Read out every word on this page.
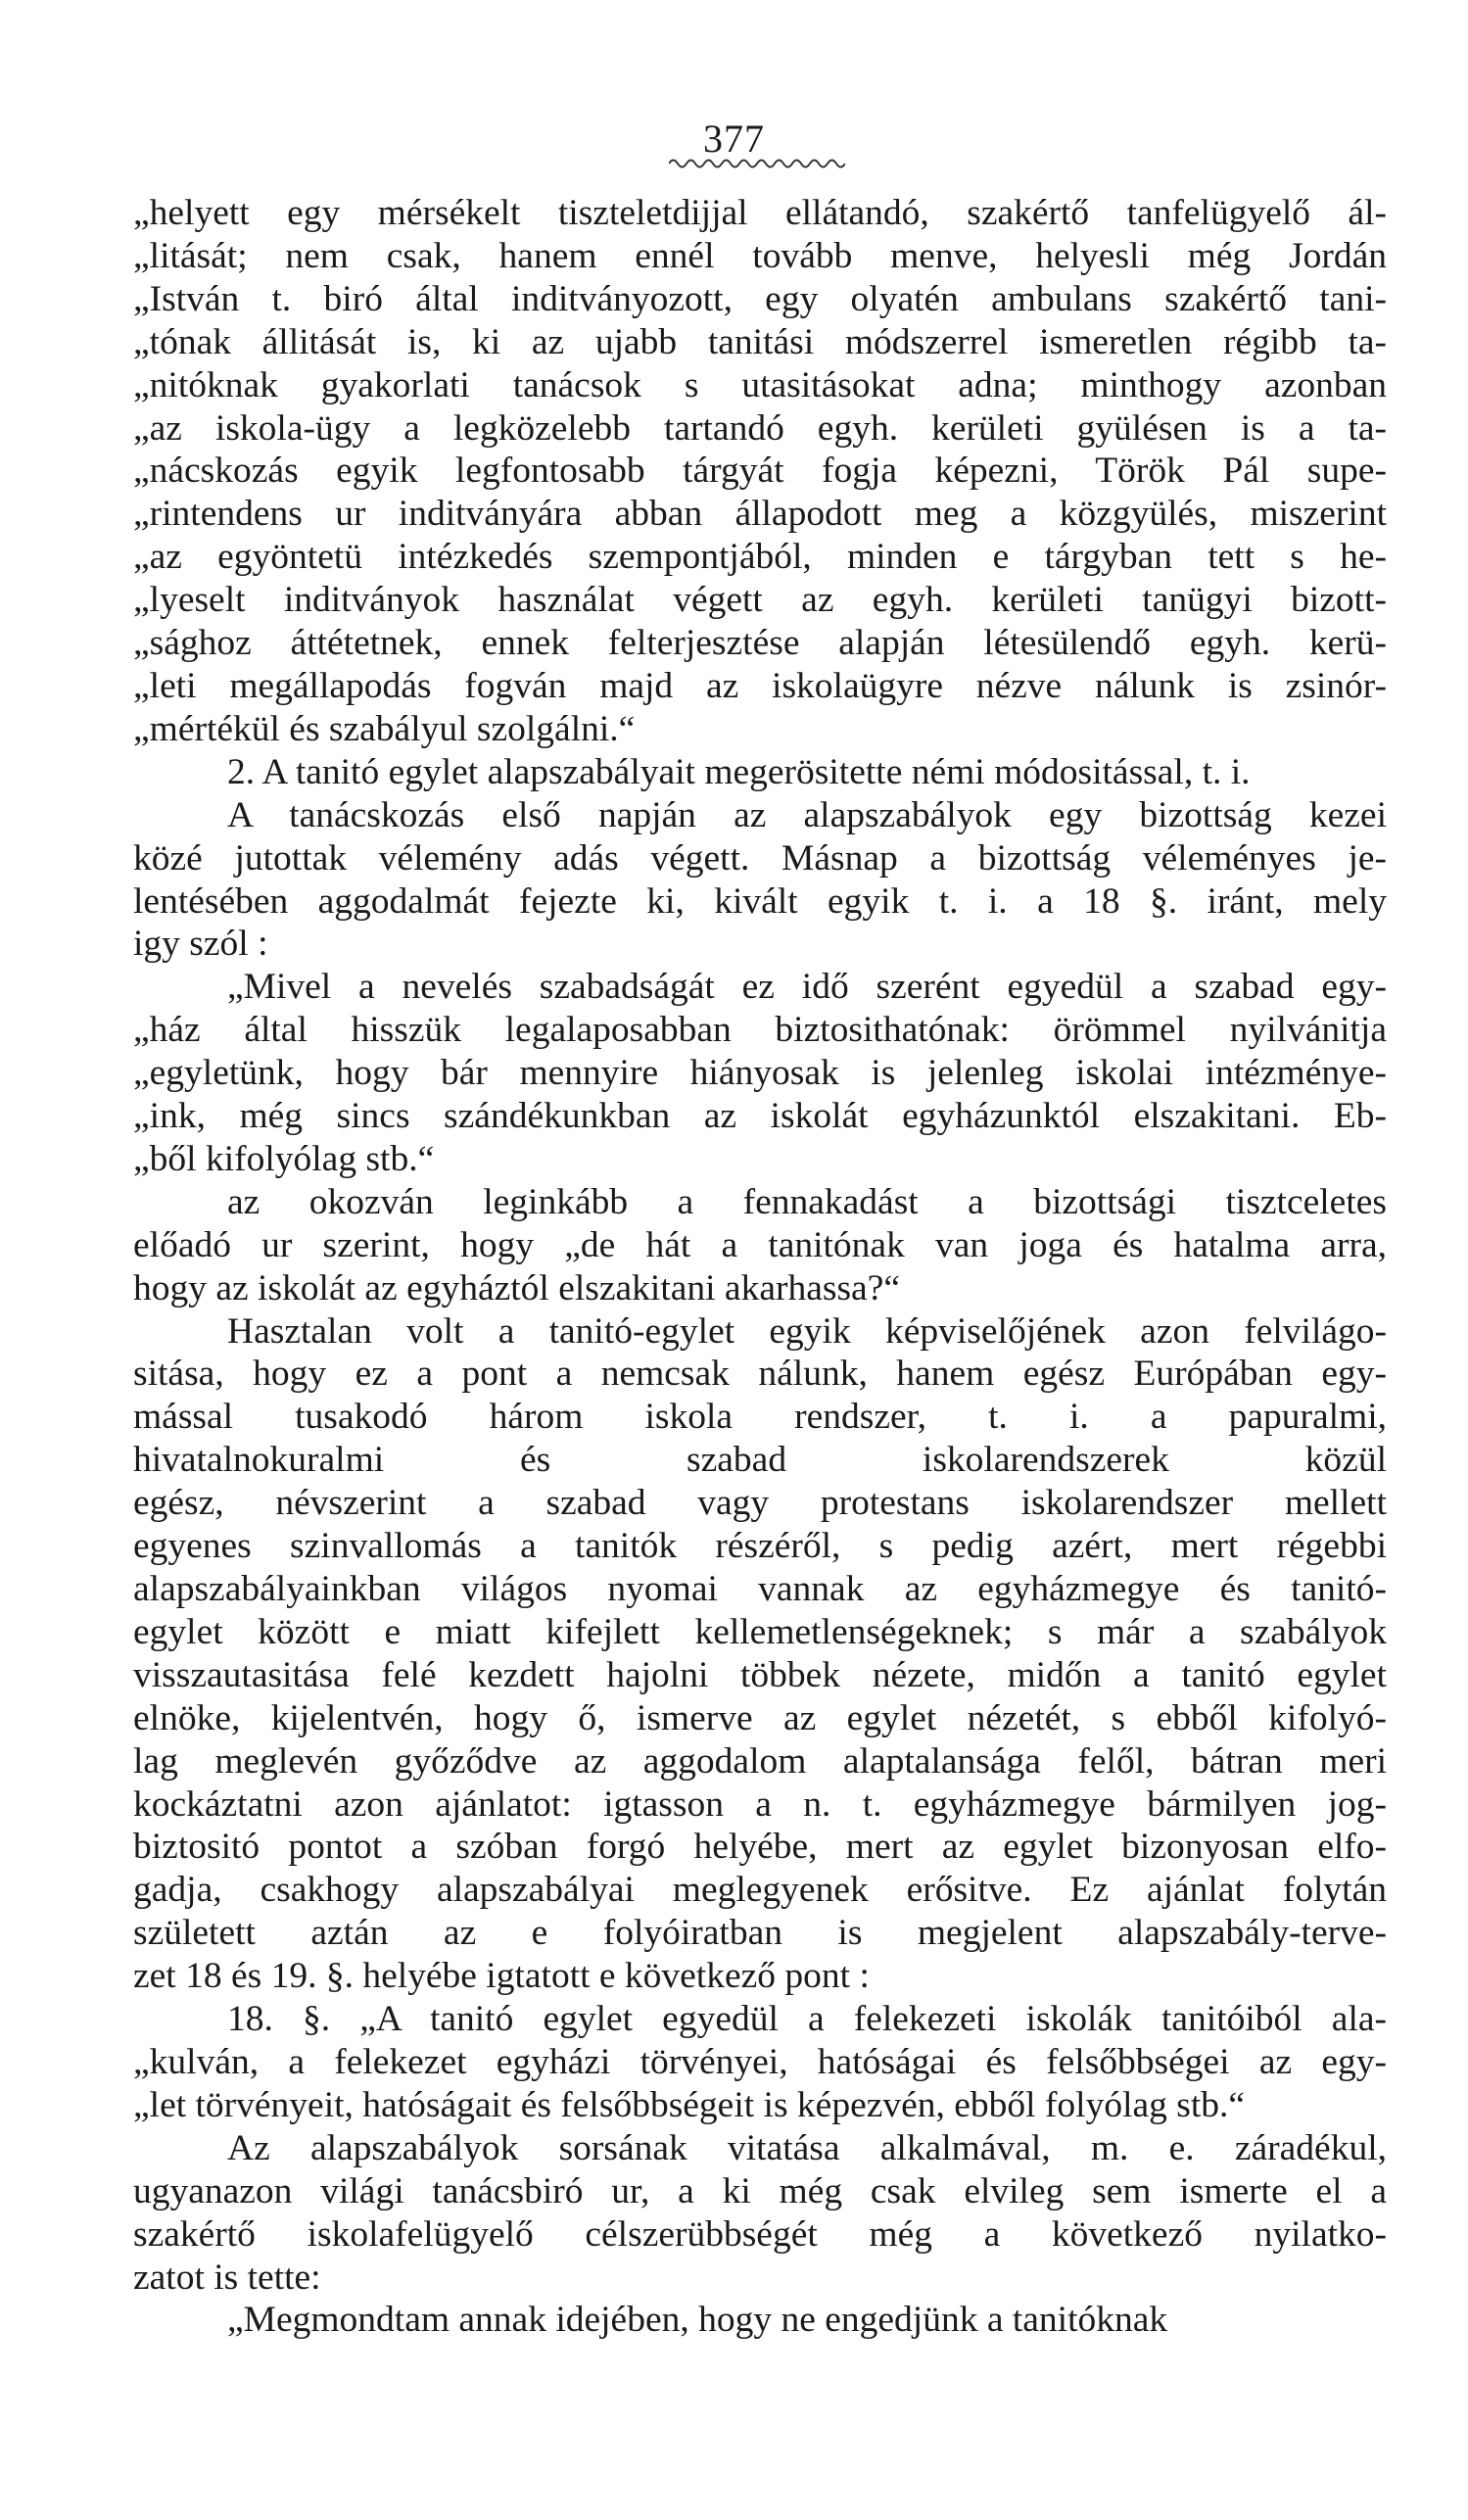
377

„helyett egy mérsékelt tiszteletdijjal ellátandó, szakértő tanfelügyelő ál-
„litását; nem csak, hanem ennél tovább menve, helyesli még Jordán
„István t. biró által inditványozott, egy olyatén ambulans szakértő tani-
„tónak állitását is, ki az ujabb tanitási módszerrel ismeretlen régibb ta-
„nitóknak gyakorlati tanácsok s utasitásokat adna; minthogy azonban
„az iskola-ügy a legközelebb tartandó egyh. kerületi gyülésen is a ta-
„nácskozás egyik legfontosabb tárgyát fogja képezni, Török Pál supe-
„rintendens ur inditványára abban állapodott meg a közgyülés, miszerint
„az egyöntetü intézkedés szempontjából, minden e tárgyban tett s he-
„lyeselt inditványok használat végett az egyh. kerületi tanügyi bizott-
„sághoz áttétetnek, ennek felterjesztése alapján létesülendő egyh. kerü-
„leti megállapodás fogván majd az iskolaügyre nézve nálunk is zsinór-
„mértékül és szabályul szolgálni.“

2. A tanitó egylet alapszabályait megerösitette némi módositással, t. i.

A tanácskozás első napján az alapszabályok egy bizottság kezei
közé jutottak vélemény adás végett. Másnap a bizottság véleményes je-
lentésében aggodalmát fejezte ki, kivált egyik t. i. a 18 §. iránt, mely
igy szól :

„Mivel a nevelés szabadságát ez idő szerént egyedül a szabad egy-
„ház által hisszük legalaposabban biztosithatónak: örömmel nyilvánitja
„egyletünk, hogy bár mennyire hiányosak is jelenleg iskolai intézménye-
„ink, még sincs szándékunkban az iskolát egyházunktól elszakitani. Eb-
„ből kifolyólag stb.“

az okozván leginkább a fennakadást a bizottsági tisztceletes
előadó ur szerint, hogy „de hát a tanitónak van joga és hatalma arra,
hogy az iskolát az egyháztól elszakitani akarhassa?“

Hasztalan volt a tanitó-egylet egyik képviselőjének azon felvilágo-
sitása, hogy ez a pont a nemcsak nálunk, hanem egész Európában egy-
mással tusakodó három iskola rendszer, t. i. a papuralmi,
hivatalnokuralmi és szabad iskolarendszerek közül
egész, névszerint a szabad vagy protestans iskolarendszer mellett
egyenes szinvallomás a tanitók részéről, s pedig azért, mert régebbi
alapszabályainkban világos nyomai vannak az egyházmegye és tanitó-
egylet között e miatt kifejlett kellemetlenségeknek; s már a szabályok
visszautasitása felé kezdett hajolni többek nézete, midőn a tanitó egylet
elnöke, kijelentvén, hogy ő, ismerve az egylet nézetét, s ebből kifolyó-
lag meglevén győződve az aggodalom alaptalansága felől, bátran meri
kockáztatni azon ajánlatot: igtasson a n. t. egyházmegye bármilyen jog-
biztositó pontot a szóban forgó helyébe, mert az egylet bizonyosan elfo-
gadja, csakhogy alapszabályai meglegyenek erősitve. Ez ajánlat folytán
született aztán az e folyóiratban is megjelent alapszabály-terve-
zet 18 és 19. §. helyébe igtatott e következő pont :

18. §. „A tanitó egylet egyedül a felekezeti iskolák tanitóiból ala-
„kulván, a felekezet egyházi törvényei, hatóságai és felsőbbségei az egy-
„let törvényeit, hatóságait és felsőbbségeit is képezvén, ebből folyólag stb.“

Az alapszabályok sorsának vitatása alkalmával, m. e. záradékul,
ugyanazon világi tanácsbiró ur, a ki még csak elvileg sem ismerte el a
szakértő iskolafelügyelő célszerübbségét még a következő nyilatko-
zatot is tette:

„Megmondtam annak idejében, hogy ne engedjünk a tanitóknak
